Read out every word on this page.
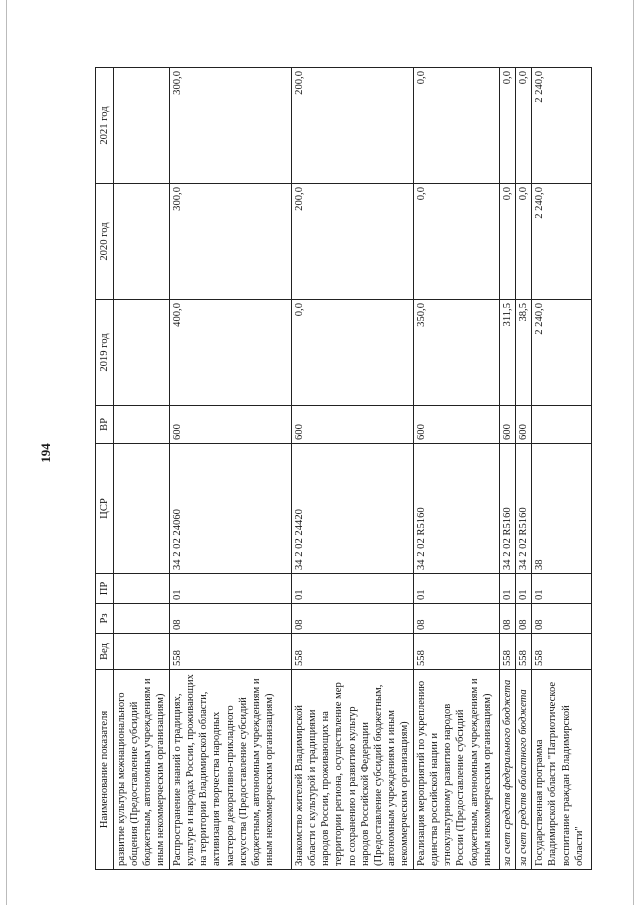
194
Наименование показателя	Вед	Рз	ПР	ЦСР	ВР	2019 год	2020 год	2021 год
развитие культуры межнационального общения (Предоставление субсидий бюджетным, автономным учреждениям и иным некоммерческим организациям)								
Распространение знаний о традициях, культуре и народах России, проживающих на территории Владимирской области, активизация творчества народных мастеров декоративно-прикладного искусства (Предоставление субсидий бюджетным, автономным учреждениям и иным некоммерческим организациям)	558	08	01	34 2 02 24060	600	400,0	300,0	300,0
Знакомство жителей Владимирской области с культурой и традициями народов России, проживающих на территории региона, осуществление мер по сохранению и развитию культур народов Российской Федерации (Предоставление субсидий бюджетным, автономным учреждениям и иным некоммерческим организациям)	558	08	01	34 2 02 24420	600	0,0	200,0	200,0
Реализация мероприятий по укреплению единства российской нации и этнокультурному развитию народов России (Предоставление субсидий бюджетным, автономным учреждениям и иным некоммерческим организациям)	558	08	01	34 2 02 R5160	600	350,0	0,0	0,0
за счет средств федерального бюджета	558	08	01	34 2 02 R5160	600	311,5	0,0	0,0
за счет средств областного бюджета	558	08	01	34 2 02 R5160	600	38,5	0,0	0,0
Государственная программа Владимирской области "Патриотическое воспитание граждан Владимирской области"	558	08	01	38		2 240,0	2 240,0	2 240,0
